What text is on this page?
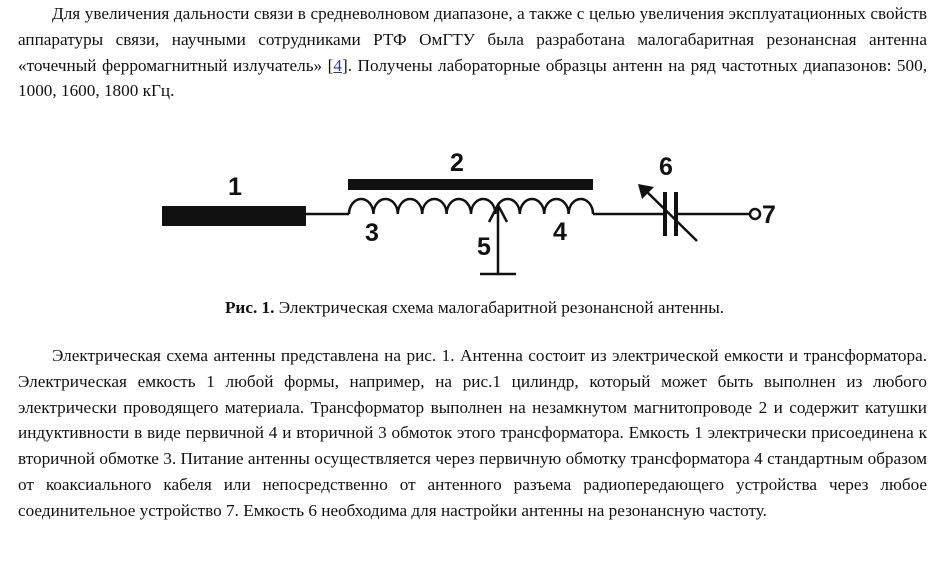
Для увеличения дальности связи в средневолновом диапазоне, а также с целью увеличения эксплуатационных свойств аппаратуры связи, научными сотрудниками РТФ ОмГТУ была разработана малогабаритная резонансная антенна «точечный ферромагнитный излучатель» [4]. Получены лабораторные образцы антенн на ряд частотных диапазонов: 500, 1000, 1600, 1800 кГц.

1
2
3	4
5
6
7

Рис. 1. Электрическая схема малогабаритной резонансной антенны.

Электрическая схема антенны представлена на рис. 1. Антенна состоит из электрической емкости и трансформатора. Электрическая емкость 1 любой формы, например, на рис.1 цилиндр, который может быть выполнен из любого электрически проводящего материала. Трансформатор выполнен на незамкнутом магнитопроводе 2 и содержит катушки индуктивности в виде первичной 4 и вторичной 3 обмоток этого трансформатора. Емкость 1 электрически присоединена к вторичной обмотке 3. Питание антенны осуществляется через первичную обмотку трансформатора 4 стандартным образом от коаксиального кабеля или непосредственно от антенного разъема радиопередающего устройства через любое соединительное устройство 7. Емкость 6 необходима для настройки антенны на резонансную частоту.
